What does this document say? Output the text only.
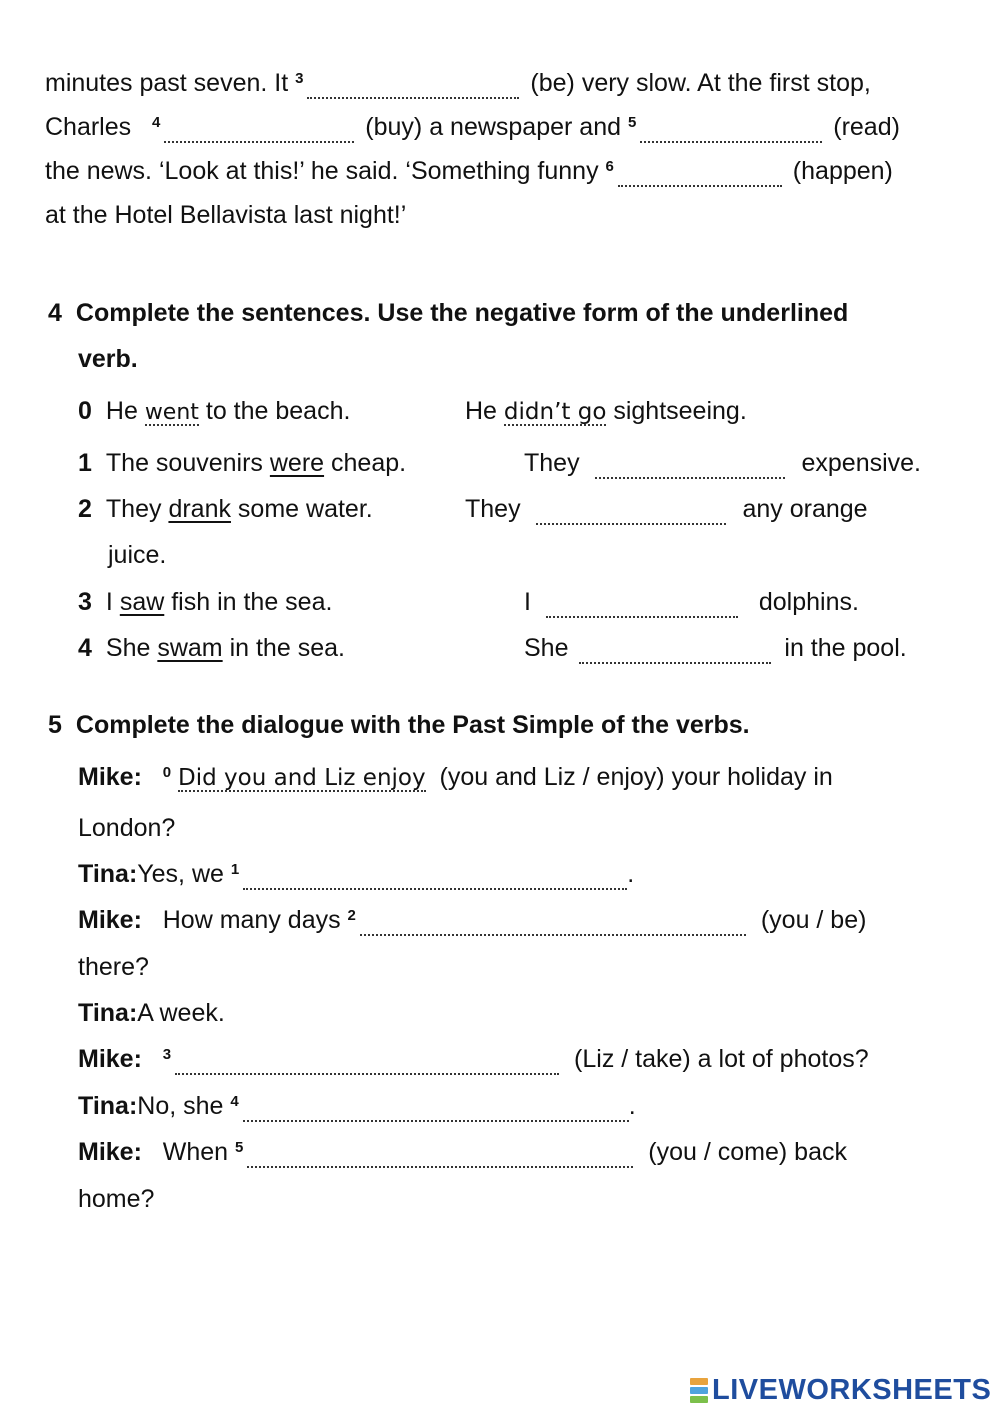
minutes past seven. It $^3$	(be) very slow. At the first stop,
Charles   $^4$	(buy) a newspaper and $^5$	(read)
the news. ‘Look at this!’ he said. ‘Something funny $^6$	(happen)
at the Hotel Bellavista last night!’
4 Complete the sentences. Use the negative form of the underlined
verb.
0 He went to the beach.	He didn’t go sightseeing.
1 The souvenirs were cheap.	They	expensive.
2 They drank some water.	They	any orange
juice.
3 I saw fish in the sea.	I	dolphins.
4 She swam in the sea.	She	in the pool.
5 Complete the dialogue with the Past Simple of the verbs.
Mike: $^0$ Did you and Liz enjoy  (you and Liz / enjoy) your holiday in
London?
Tina:Yes, we $^1$	.
Mike: How many days $^2$	(you / be)
there?
Tina:A week.
Mike: $^3$	(Liz / take) a lot of photos?
Tina:No, she $^4$	.
Mike: When $^5$	(you / come) back
home?
LIVEWORKSHEETS
